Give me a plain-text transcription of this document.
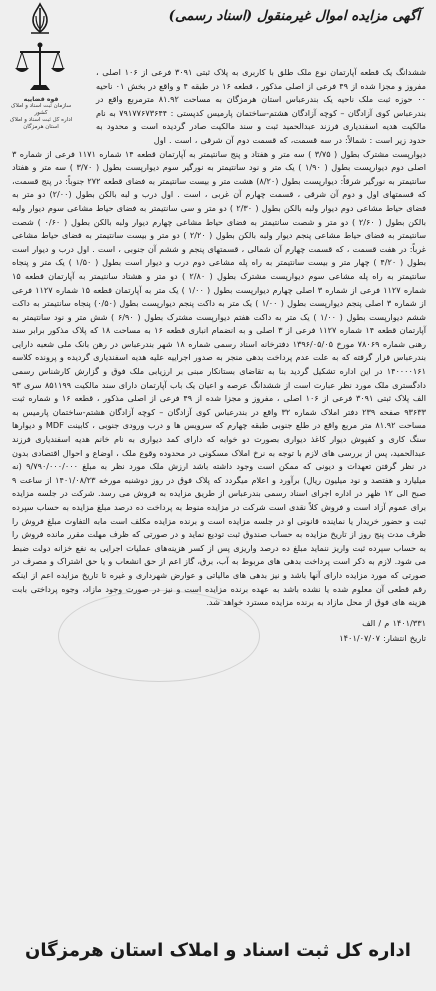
آگهی مزایده اموال غیرمنقول (اسناد رسمی)
قوه قضاییه
سازمان ثبت اسناد و املاک کشور
اداره کل ثبت اسناد و املاک استان هرمزگان
ششدانگ یک قطعه آپارتمان نوع ملک طلق با کاربری به پلاک ثبتی ۳۰۹۱ فرعی از ۱۰۶ اصلی ، مفروز و مجزا شده از ۴۹ فرعی از اصلی مذکور ، قطعه ۱۶ در طبقه ۴ و واقع در بخش ۰۱ ناحیه ۰۰ حوزه ثبت ملک ناحیه یک بندرعباس استان هرمزگان به مساحت ۸۱.۹۲ مترمربع واقع در بندرعباس کوی آزادگان – کوچه آزادگان هشتم-ساختمان پارمیس کدپستی : ۷۹۱۷۷۶۷۳۶۴۴ به نام مالکیت هدیه اسفندیاری فرزند عبدالحمید ثبت و سند مالکیت صادر گردیده است و محدود به حدود زیر است : شمالاً: در سه قسمت، که قسمت دوم آن شرقی ، است . اول
دیوارپست مشترک بطول ( ۳/۷۵ ) سه متر و هفتاد و پنج سانتیمتر به آپارتمان قطعه ۱۴ شماره ۱۱۷۱ فرعی از شماره ۳ اصلی دوم دیوارپست بطول ( ۱/۹۰ ) یک متر و نود سانتیمتر به نورگیر سوم دیوارپست بطول ( ۳/۷۰ ) سه متر و هفتاد سانتیمتر به نورگیر شرقاً: دیوارپست بطول (۸/۲۰) هشت متر و بیست سانتیمتر به فضای قطعه ۲۷۲ جنوباً: در پنج قسمت، که قسمتهای اول و دوم آن شرقی ، قسمت چهارم آن غربی ، است . اول درب و لبه بالکن بطول (۲/۰۰) دو متر به فضای حیاط مشاعی دوم دیوار ولبه بالکن بطول ( ۲/۳۰ ) دو متر و سی سانتیمتر به فضای حیاط مشاعی سوم دیوار ولبه بالکن بطول ( ۲/۶۰ ) دو متر و شصت سانتیمتر به فضای حیاط مشاعی چهارم دیوار ولبه بالکن بطول ( ۰/۶۰ ) شصت سانتیمتر به فضای حیاط مشاعی پنجم دیوار ولبه بالکن بطول ( ۲/۲۰ ) دو متر و بیست سانتیمتر به فضای حیاط مشاعی غرباً: در هفت قسمت ، که قسمت چهارم آن شمالی ، قسمتهای پنجم و ششم آن جنوبی ، است . اول درب و دیوار است بطول ( ۴/۲۰ ) چهار متر و بیست سانتیمتر به راه پله مشاعی دوم درب و دیوار است بطول ( ۱/۵۰ ) یک متر و پنجاه سانتیمتر به راه پله مشاعی سوم دیوارپست مشترک بطول ( ۲/۸۰ ) دو متر و هشتاد سانتیمتر به آپارتمان قطعه ۱۵ شماره ۱۱۲۷ فرعی از شماره ۳ اصلی چهارم دیوارپست بطول ( ۱/۰۰ ) یک متر به آپارتمان قطعه ۱۵ شماره ۱۱۲۷ فرعی از شماره ۳ اصلی پنجم دیوارپست بطول ( ۱/۰۰ ) یک متر به داکت پنجم دیوارپست بطول (۰/۵۰) پنجاه سانتیمتر به داکت ششم دیوارپست بطول ( ۱/۰۰ ) یک متر به داکت هفتم دیوارپست مشترک بطول ( ۶/۹۰ ) شش متر و نود سانتیمتر به آپارتمان قطعه ۱۴ شماره ۱۱۲۷ فرعی از ۳ اصلی و به انضمام انباری قطعه ۱۶ به مساحت ۱۸ که پلاک مذکور برابر سند رهنی شماره ۷۸۰۶۹ مورخ ۱۳۹۶/۰۵/۰۵ دفترخانه اسناد رسمی شماره ۱۸ شهر بندرعباس در رهن بانک ملی شعبه دارایی بندرعباس قرار گرفته که به علت عدم پرداخت بدهی منجر به صدور اجراییه علیه هدیه اسفندیاری گردیده و پرونده کلاسه ۱۴۰۰۰۰۱۶۱ در این اداره تشکیل گردید بنا به تقاضای بستانکار مبنی بر ارزیابی ملک فوق و گزارش کارشناس رسمی دادگستری ملک مورد نظر عبارت است از ششدانگ عرصه و اعیان یک باب آپارتمان دارای سند مالکیت ۸۵۱۱۹۹ سری ۹۳ الف پلاک ثبتی ۳۰۹۱ فرعی از ۱۰۶ اصلی ، مفروز و مجزا شده از ۴۹ فرعی از اصلی مذکور ، قطعه ۱۶ و شماره ثبت ۹۳۶۳۳ صفحه ۲۳۹ دفتر املاک شماره ۳۲ واقع در بندرعباس کوی آزادگان – کوچه آزادگان هشتم-ساختمان پارمیس به مساحت ۸۱.۹۲ متر مربع واقع در طلع جنوبی طبقه چهارم که سرویس ها و درب ورودی جنوبی ، کابینت MDF و دیوارها سنگ کاری و کفپوش دیوار کاغذ دیواری بصورت دو خوابه که دارای کمد دیواری به نام خانم هدیه اسفندیاری فرزند عبدالحمید، پس از بررسی های لازم با توجه به نرخ املاک مسکونی در محدوده وقوع ملک ، اوضاع و احوال اقتصادی بدون در نظر گرفتن تعهدات و دیونی که ممکن است وجود داشته باشد ارزش ملک مورد نظر به مبلغ ۹/۷۹۰/۰۰۰/۰۰۰ (نه میلیارد و هفتصد و نود میلیون ریال) برآورد و اعلام میگردد که پلاک فوق در روز دوشنبه مورخه ۱۴۰۱/۰۸/۲۳ از ساعت ۹ صبح الی ۱۲ ظهر در اداره اجرای اسناد رسمی بندرعباس از طریق مزایده به فروش می رسد. شرکت در جلسه مزایده برای عموم آزاد است و فروش کلاً نقدی است شرکت در مزایده منوط به پرداخت ده درصد مبلغ مزایده به حساب سپرده ثبت و حضور خریدار یا نماینده قانونی او در جلسه مزایده است و برنده مزایده مکلف است مابه التفاوت مبلغ فروش را ظرف مدت پنج روز از تاریخ مزایده به حساب صندوق ثبت تودیع نماید و در صورتی که ظرف مهلت مقرر مانده فروش را به حساب سپرده ثبت واریز ننماید مبلغ ده درصد واریزی پس از کسر هزینه‌های عملیات اجرایی به نفع خزانه دولت ضبط می شود. لازم به ذکر است پرداخت بدهی های مربوط به آب، برق، گاز اعم از حق انشعاب و یا حق اشتراک و مصرف در صورتی که مورد مزایده دارای آنها باشد و نیز بدهی های مالیاتی و عوارض شهرداری و غیره تا تاریخ مزایده اعم از اینکه رقم قطعی آن معلوم شده یا نشده باشد به عهده برنده مزایده است و نیز در صورت وجود مازاد، وجوه پرداختی بابت هزینه های فوق از محل مازاد به برنده مزایده مسترد خواهد شد.
۱۴۰۱/۳۳۱ م / الف
تاریخ انتشار: ۱۴۰۱/۰۷/۰۷
اداره کل ثبت اسناد و املاک استان هرمزگان
